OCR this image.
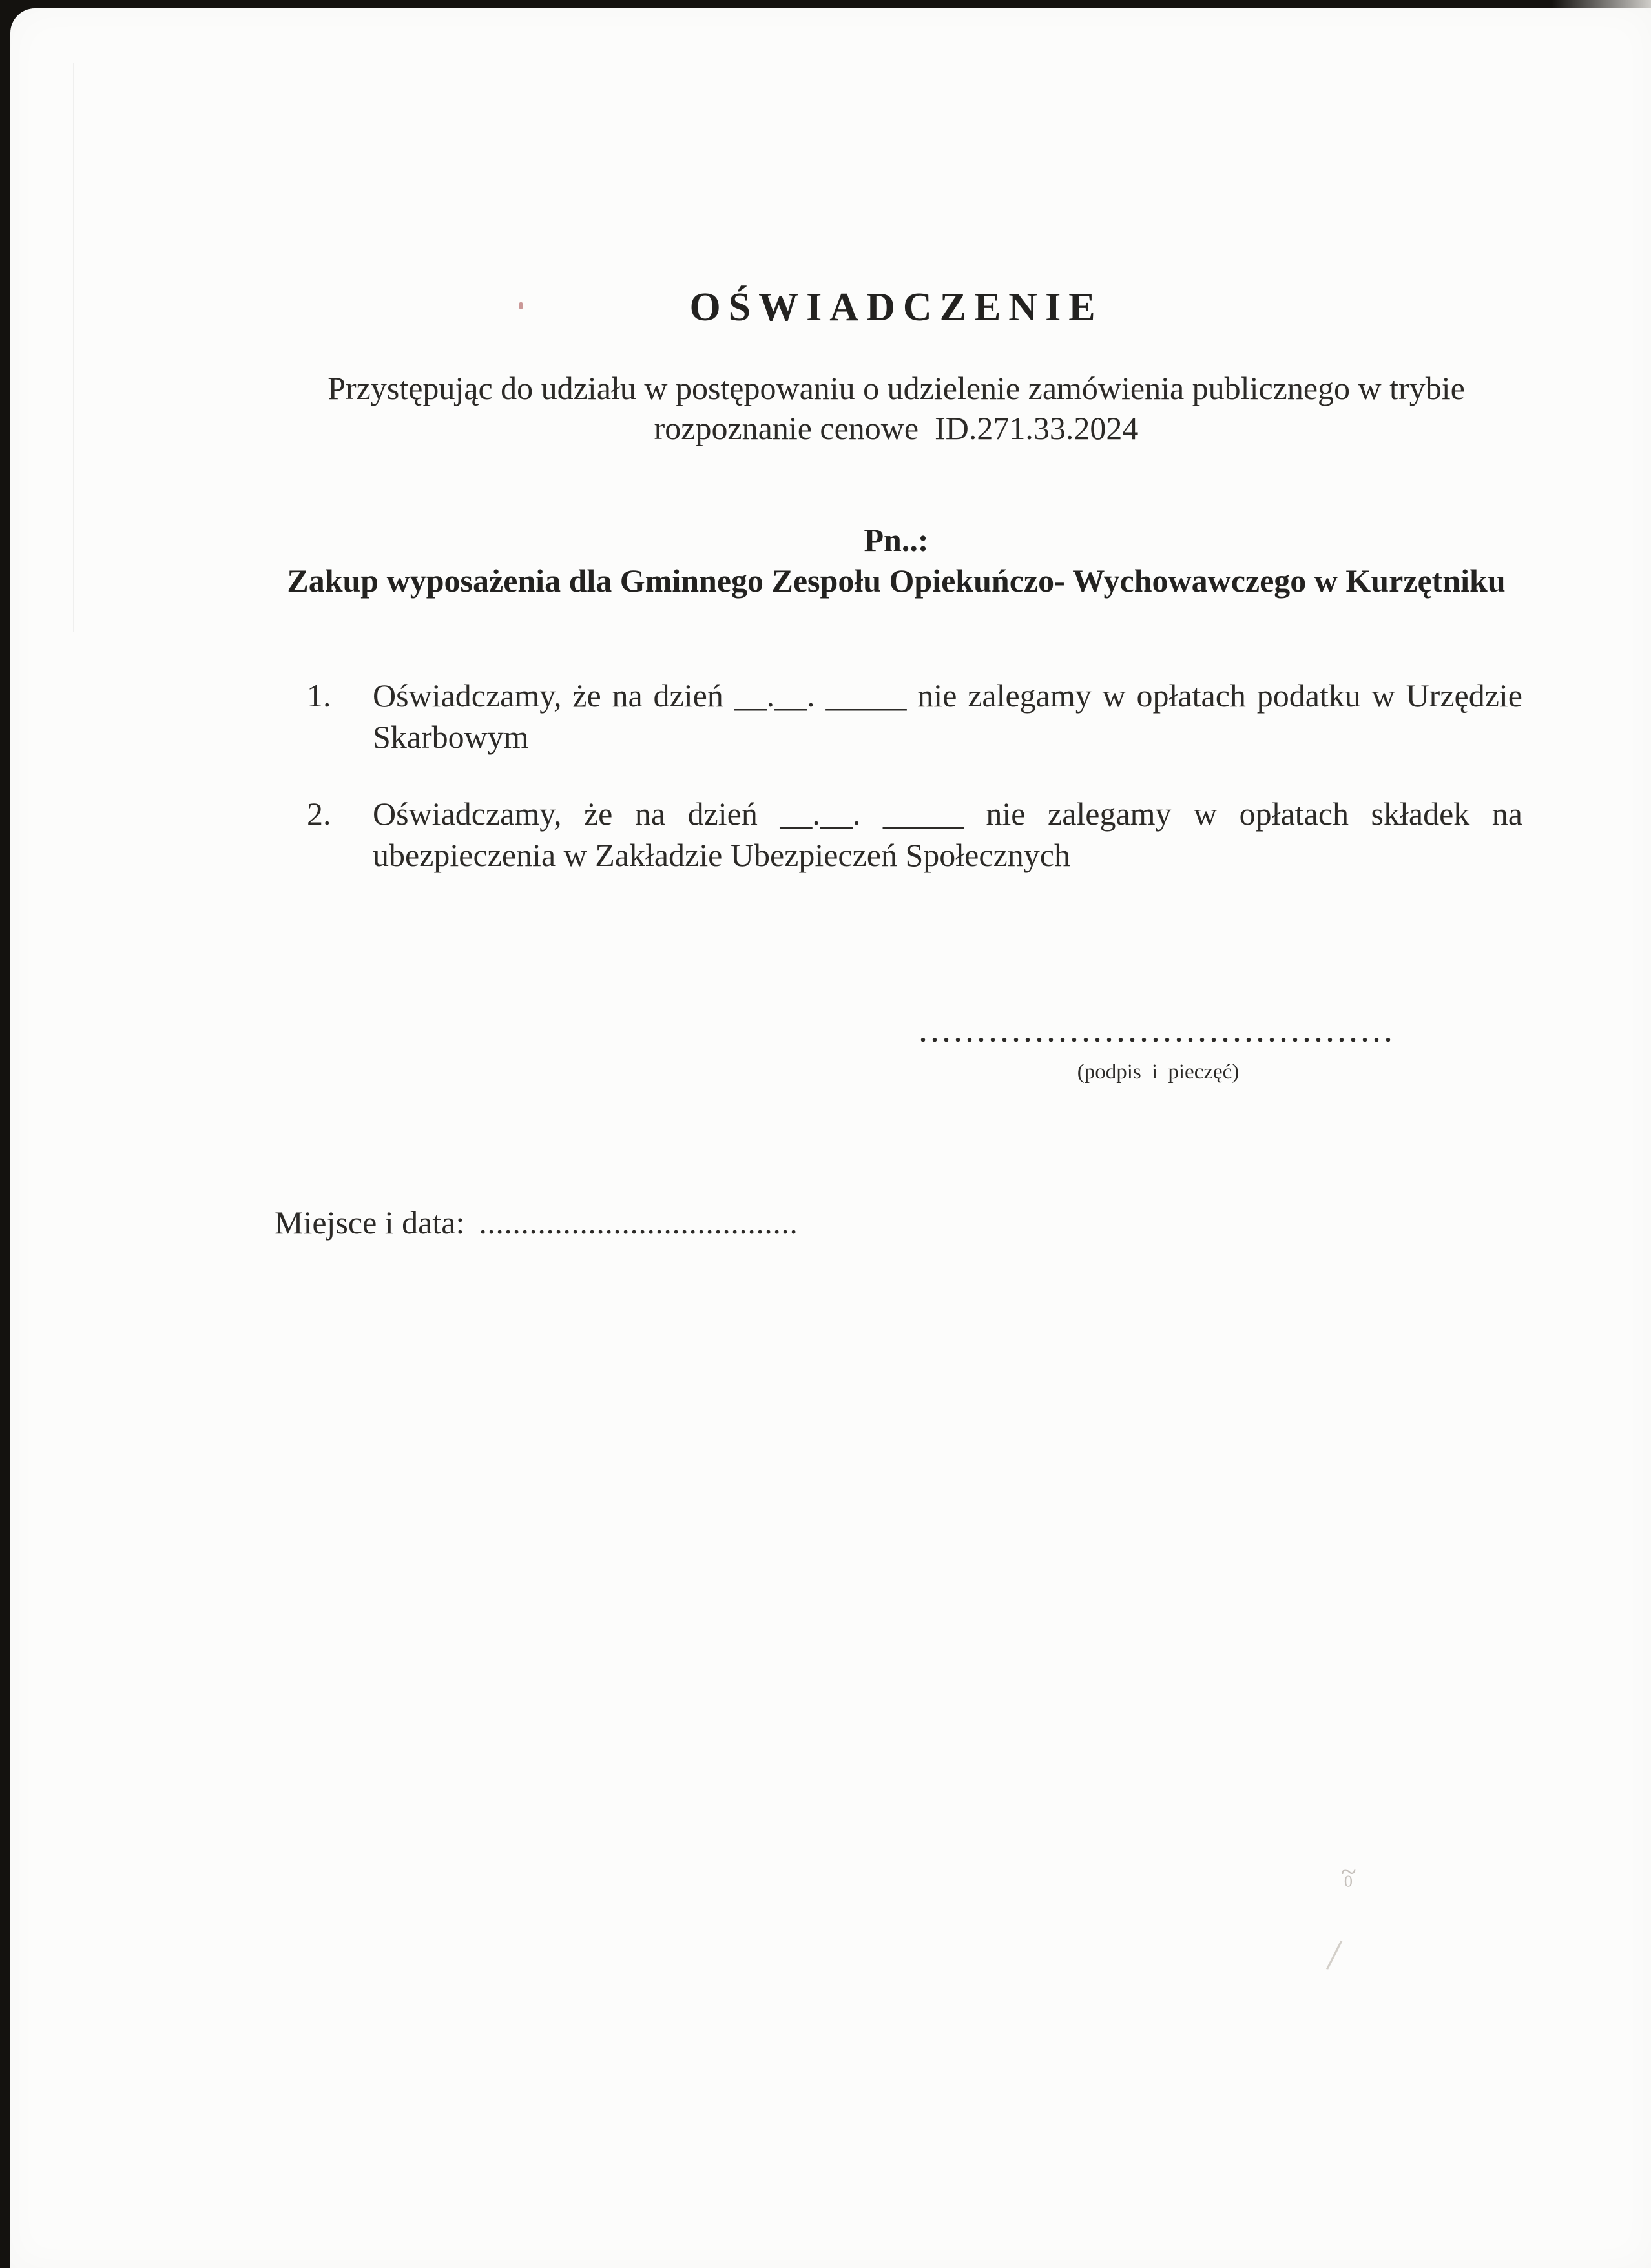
/
OŚWIADCZENIE
Przystępując do udziału w postępowaniu o udzielenie zamówienia publicznego w trybie
rozpoznanie cenowe  ID.271.33.2024
Pn..:
Zakup wyposażenia dla Gminnego Zespołu Opiekuńczo- Wychowawczego w Kurzętniku
1.	Oświadczamy, że na dzień __.__. _____ nie zalegamy w opłatach podatku w Urzędzie
Skarbowym
2.	Oświadczamy, że na dzień __.__. _____ nie zalegamy w opłatach składek na
ubezpieczenia w Zakładzie Ubezpieczeń Społecznych
.........................................
(podpis i pieczęć)
Miejsce i data: ......................................
